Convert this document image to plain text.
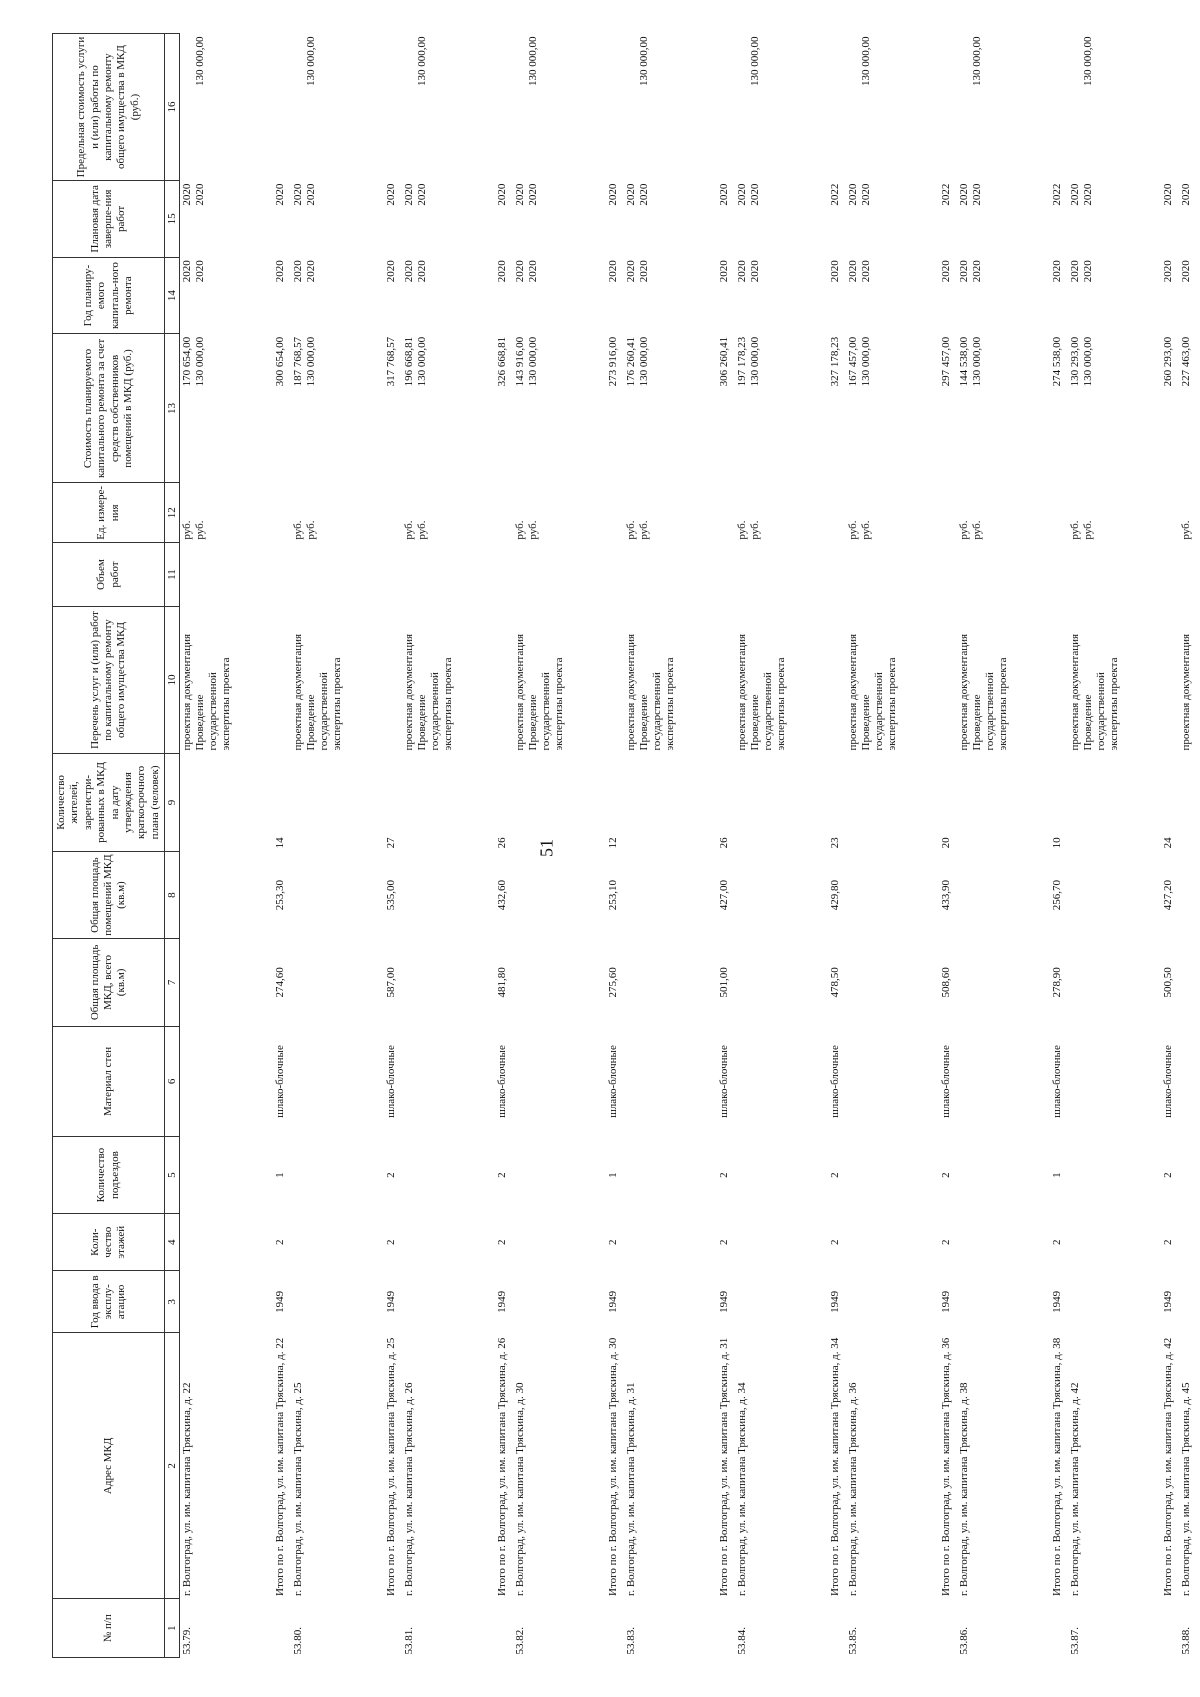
51
№ п/п	Адрес МКД	Год ввода в эксплу-атацию	Коли-чество этажей	Количество подъездов	Материал стен	Общая площадь МКД, всего (кв.м)	Общая площадь помещений МКД (кв.м)	Количество жителей, зарегистри-рованных в МКД на дату утверждения краткосрочного плана (человек)	Перечень услуг и (или) работ по капитальному ремонту общего имущества МКД	Объем работ	Ед. измере-ния	Стоимость планируемого капитального ремонта за счет средств собственников помещений в МКД (руб.)	Год планиру-емого капиталь-ного ремонта	Плановая дата заверше-ния работ	Предельная стоимость услуги и (или) работы по капитальному ремонту общего имущества в МКД (руб.)
1	2	3	4	5	6	7	8	9	10	11	12	13	14	15	16
53.79.	г. Волгоград, ул. им. капитана Тряскина, д. 22								проектная документация Проведение государственной экспертизы проекта		руб. руб.	170 654,00 130 000,00	2020 2020	2020 2020	130 000,00

	Итого по г. Волгоград, ул. им. капитана Тряскина, д. 22	1949	2	1	шлако-блочные	274,60	253,30	14				300 654,00	2020	2020	
53.80.	г. Волгоград, ул. им. капитана Тряскина, д. 25								проектная документация Проведение государственной экспертизы проекта		руб. руб.	187 768,57 130 000,00	2020 2020	2020 2020	130 000,00

	Итого по г. Волгоград, ул. им. капитана Тряскина, д. 25	1949	2	2	шлако-блочные	587,00	535,00	27				317 768,57	2020	2020	
53.81.	г. Волгоград, ул. им. капитана Тряскина, д. 26								проектная документация Проведение государственной экспертизы проекта		руб. руб.	196 668,81 130 000,00	2020 2020	2020 2020	130 000,00

	Итого по г. Волгоград, ул. им. капитана Тряскина, д. 26	1949	2	2	шлако-блочные	481,80	432,60	26				326 668,81	2020	2020	
53.82.	г. Волгоград, ул. им. капитана Тряскина, д. 30								проектная документация Проведение государственной экспертизы проекта		руб. руб.	143 916,00 130 000,00	2020 2020	2020 2020	130 000,00

	Итого по г. Волгоград, ул. им. капитана Тряскина, д. 30	1949	2	1	шлако-блочные	275,60	253,10	12				273 916,00	2020	2020	
53.83.	г. Волгоград, ул. им. капитана Тряскина, д. 31								проектная документация Проведение государственной экспертизы проекта		руб. руб.	176 260,41 130 000,00	2020 2020	2020 2020	130 000,00

	Итого по г. Волгоград, ул. им. капитана Тряскина, д. 31	1949	2	2	шлако-блочные	501,00	427,00	26				306 260,41	2020	2020	
53.84.	г. Волгоград, ул. им. капитана Тряскина, д. 34								проектная документация Проведение государственной экспертизы проекта		руб. руб.	197 178,23 130 000,00	2020 2020	2020 2020	130 000,00

	Итого по г. Волгоград, ул. им. капитана Тряскина, д. 34	1949	2	2	шлако-блочные	478,50	429,80	23				327 178,23	2020	2022	
53.85.	г. Волгоград, ул. им. капитана Тряскина, д. 36								проектная документация Проведение государственной экспертизы проекта		руб. руб.	167 457,00 130 000,00	2020 2020	2020 2020	130 000,00

	Итого по г. Волгоград, ул. им. капитана Тряскина, д. 36	1949	2	2	шлако-блочные	508,60	433,90	20				297 457,00	2020	2022	
53.86.	г. Волгоград, ул. им. капитана Тряскина, д. 38								проектная документация Проведение государственной экспертизы проекта		руб. руб.	144 538,00 130 000,00	2020 2020	2020 2020	130 000,00

	Итого по г. Волгоград, ул. им. капитана Тряскина, д. 38	1949	2	1	шлако-блочные	278,90	256,70	10				274 538,00	2020	2022	
53.87.	г. Волгоград, ул. им. капитана Тряскина, д. 42								проектная документация Проведение государственной экспертизы проекта		руб. руб.	130 293,00 130 000,00	2020 2020	2020 2020	130 000,00

	Итого по г. Волгоград, ул. им. капитана Тряскина, д. 42	1949	2	2	шлако-блочные	500,50	427,20	24				260 293,00	2020	2020	
53.88.	г. Волгоград, ул. им. капитана Тряскина, д. 45								проектная документация		руб.	227 463,00	2020	2020	
